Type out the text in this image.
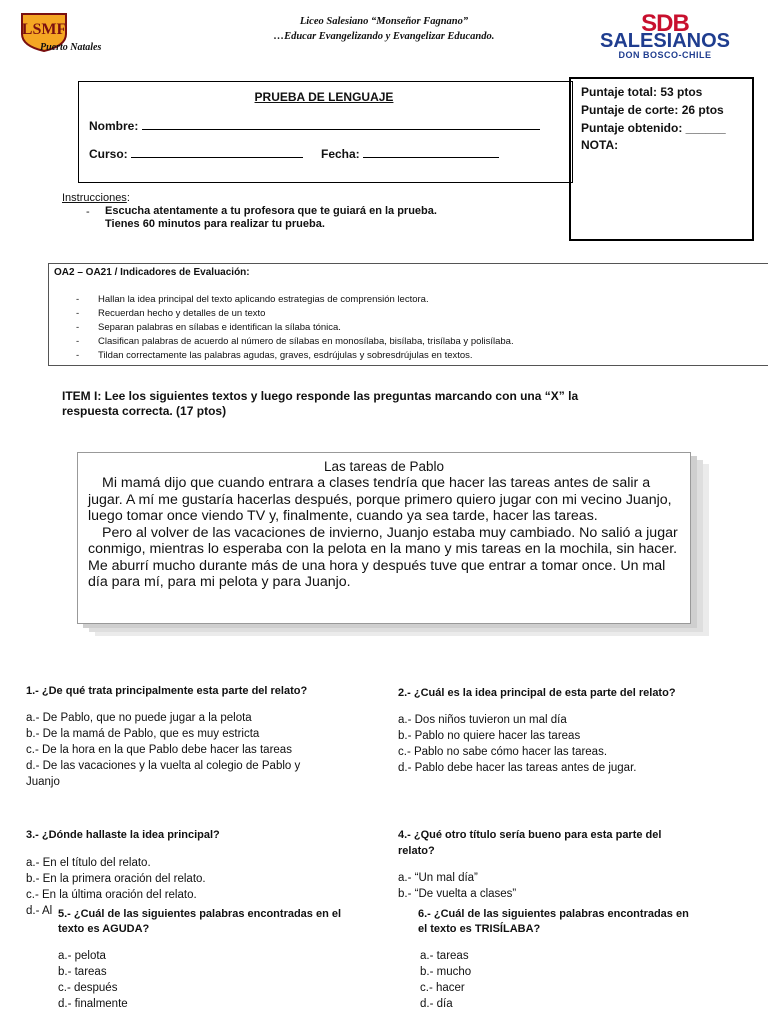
LSMF
Puerto Natales
Liceo Salesiano “Monseñor Fagnano”
…Educar Evangelizando y Evangelizar Educando.	SDB
SALESIANOS
DON BOSCO-CHILE
PRUEBA DE LENGUAJE
Nombre:
Curso:	Fecha:
Puntaje total: 53 ptos
Puntaje de corte: 26 ptos
Puntaje obtenido: ______
NOTA:
Instrucciones:
- Escucha atentamente a tu profesora que te guiará en la prueba.
Tienes 60 minutos para realizar tu prueba.
OA2 – OA21 / Indicadores de Evaluación:
- Hallan la idea principal del texto aplicando estrategias de comprensión lectora.
- Recuerdan hecho y detalles de un texto
- Separan palabras en sílabas e identifican la sílaba tónica.
- Clasifican palabras de acuerdo al número de sílabas en monosílaba, bisílaba, trisílaba y polisílaba.
- Tildan correctamente las palabras agudas, graves, esdrújulas y sobresdrújulas en textos.
ITEM I: Lee los siguientes textos y luego responde las preguntas marcando con una “X” la
respuesta correcta. (17 ptos)
Las tareas de Pablo

Mi mamá dijo que cuando entrara a clases tendría que hacer las tareas antes de salir a jugar. A mí me gustaría hacerlas después, porque primero quiero jugar con mi vecino Juanjo, luego tomar once viendo TV y, finalmente, cuando ya sea tarde, hacer las tareas.

Pero al volver de las vacaciones de invierno, Juanjo estaba muy cambiado. No salió a jugar conmigo, mientras lo esperaba con la pelota en la mano y mis tareas en la mochila, sin hacer. Me aburrí mucho durante más de una hora y después tuve que entrar a tomar once. Un mal día para mí, para mi pelota y para Juanjo.

1.- ¿De qué trata principalmente esta parte del relato?
a.- De Pablo, que no puede jugar a la pelota
b.- De la mamá de Pablo, que es muy estricta
c.- De la hora en la que Pablo debe hacer las tareas
d.- De las vacaciones y la vuelta al colegio de Pablo y
Juanjo
2.- ¿Cuál es la idea principal de esta parte del relato?
a.- Dos niños tuvieron un mal día
b.- Pablo no quiere hacer las tareas
c.- Pablo no sabe cómo hacer las tareas.
d.- Pablo debe hacer las tareas antes de jugar.
3.- ¿Dónde hallaste la idea principal?
a.- En el título del relato.
b.- En la primera oración del relato.
c.- En la última oración del relato.
d.- Al
4.- ¿Qué otro título sería bueno para esta parte del
relato?
a.- “Un mal día”
b.- “De vuelta a clases”
5.- ¿Cuál de las siguientes palabras encontradas en el
texto es AGUDA?
a.- pelota
b.- tareas
c.- después
d.- finalmente
6.- ¿Cuál de las siguientes palabras encontradas en
el texto es TRISÍLABA?
a.- tareas
b.- mucho
c.- hacer
d.- día
